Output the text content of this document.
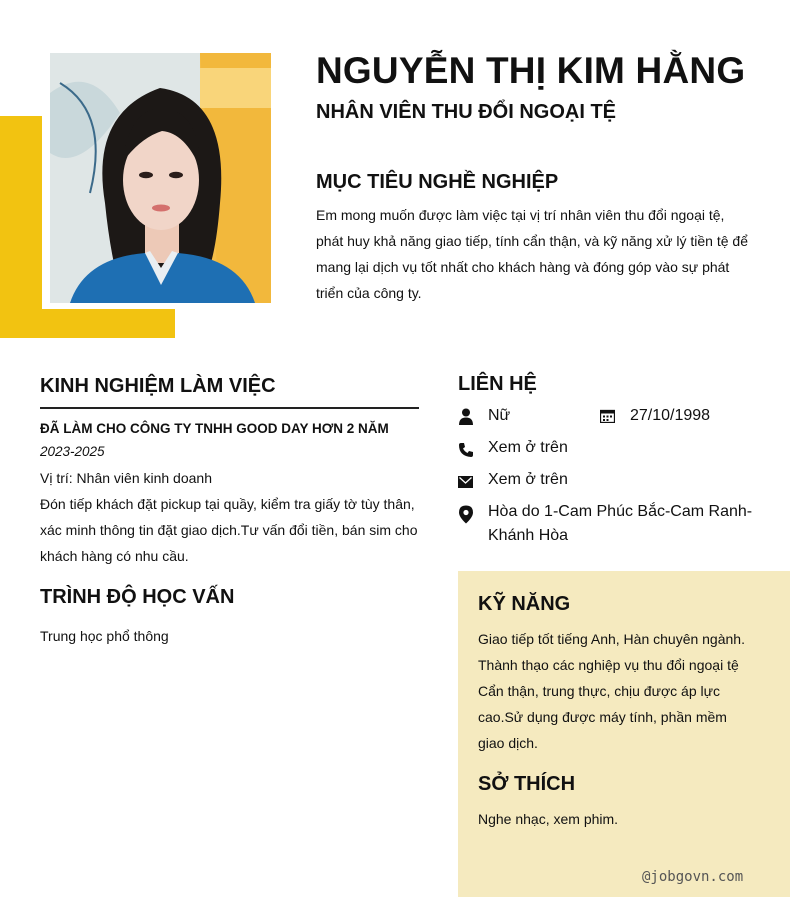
NGUYỄN THỊ KIM HẰNG
NHÂN VIÊN THU ĐỔI NGOẠI TỆ
MỤC TIÊU NGHỀ NGHIỆP
Em mong muốn được làm việc tại vị trí nhân viên thu đổi ngoại tệ,
phát huy khả năng giao tiếp, tính cẩn thận, và kỹ năng xử lý tiền tệ để
mang lại dịch vụ tốt nhất cho khách hàng và đóng góp vào sự phát
triển của công ty.
KINH NGHIỆM LÀM VIỆC
ĐÃ LÀM CHO CÔNG TY TNHH GOOD DAY HƠN 2 NĂM
2023-2025
Vị trí: Nhân viên kinh doanh
Đón tiếp khách đặt pickup tại quầy, kiểm tra giấy tờ tùy thân,
xác minh thông tin đặt giao dịch.Tư vấn đổi tiền, bán sim cho
khách hàng có nhu cầu.
TRÌNH ĐỘ HỌC VẤN
Trung học phổ thông
LIÊN HỆ
Nữ	27/10/1998
Xem ở trên
Xem ở trên
Hòa do 1-Cam Phúc Bắc-Cam Ranh-
Khánh Hòa
KỸ NĂNG
Giao tiếp tốt tiếng Anh, Hàn chuyên ngành.
Thành thạo các nghiệp vụ thu đổi ngoại tệ
Cẩn thận, trung thực, chịu được áp lực
cao.Sử dụng được máy tính, phần mềm
giao dịch.
SỞ THÍCH
Nghe nhạc, xem phim.
@jobgovn.com
